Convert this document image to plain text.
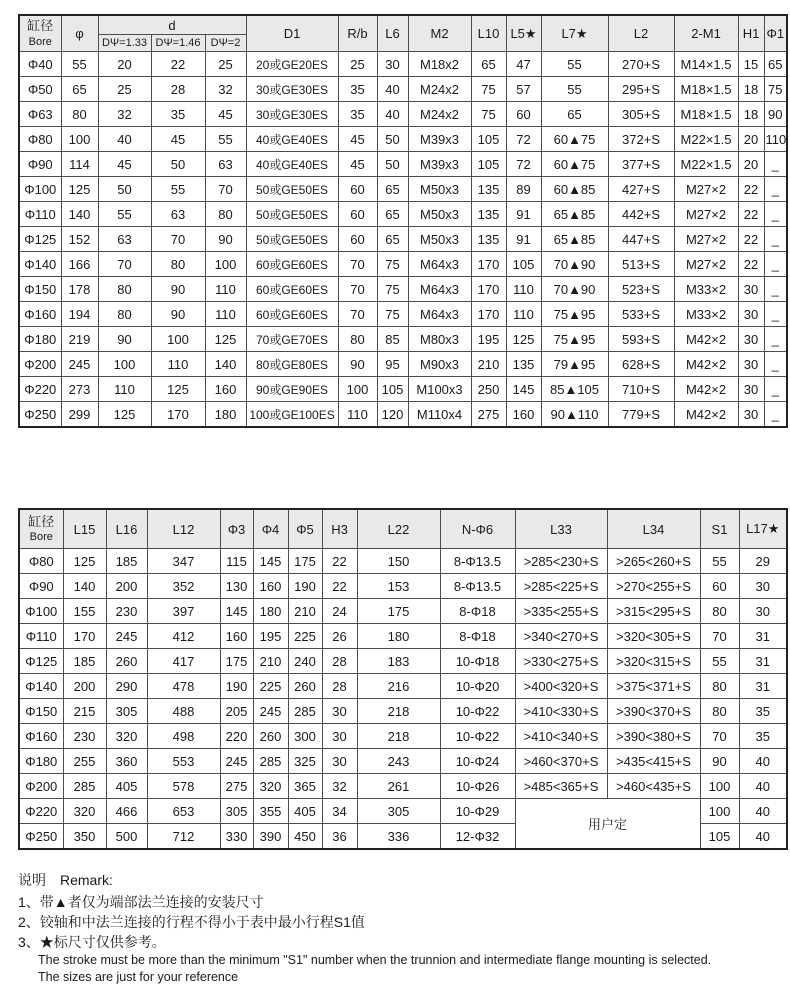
缸径
Bore	φ	d			D1	R/b	L6	M2	L10	L5★	L7★	L2	2-M1	H1	Φ1
		DΨ=1.33	DΨ=1.46	DΨ=2											
Φ40	55	20	22	25	20或GE20ES	25	30	M18x2	65	47	55	270+S	M14×1.5	15	65
Φ50	65	25	28	32	30或GE30ES	35	40	M24x2	75	57	55	295+S	M18×1.5	18	75
Φ63	80	32	35	45	30或GE30ES	35	40	M24x2	75	60	65	305+S	M18×1.5	18	90
Φ80	100	40	45	55	40或GE40ES	45	50	M39x3	105	72	60▲75	372+S	M22×1.5	20	110
Φ90	114	45	50	63	40或GE40ES	45	50	M39x3	105	72	60▲75	377+S	M22×1.5	20	_
Φ100	125	50	55	70	50或GE50ES	60	65	M50x3	135	89	60▲85	427+S	M27×2	22	_
Φ110	140	55	63	80	50或GE50ES	60	65	M50x3	135	91	65▲85	442+S	M27×2	22	_
Φ125	152	63	70	90	50或GE50ES	60	65	M50x3	135	91	65▲85	447+S	M27×2	22	_
Φ140	166	70	80	100	60或GE60ES	70	75	M64x3	170	105	70▲90	513+S	M27×2	22	_
Φ150	178	80	90	110	60或GE60ES	70	75	M64x3	170	110	70▲90	523+S	M33×2	30	_
Φ160	194	80	90	110	60或GE60ES	70	75	M64x3	170	110	75▲95	533+S	M33×2	30	_
Φ180	219	90	100	125	70或GE70ES	80	85	M80x3	195	125	75▲95	593+S	M42×2	30	_
Φ200	245	100	110	140	80或GE80ES	90	95	M90x3	210	135	79▲95	628+S	M42×2	30	_
Φ220	273	110	125	160	90或GE90ES	100	105	M100x3	250	145	85▲105	710+S	M42×2	30	_
Φ250	299	125	170	180	100或GE100ES	110	120	M110x4	275	160	90▲110	779+S	M42×2	30	_
缸径
Bore	L15	L16	L12	Φ3	Φ4	Φ5	H3	L22	N-Φ6	L33	L34	S1	L17★
Φ80	125	185	347	115	145	175	22	150	8-Φ13.5	>285<230+S	>265<260+S	55	29
Φ90	140	200	352	130	160	190	22	153	8-Φ13.5	>285<225+S	>270<255+S	60	30
Φ100	155	230	397	145	180	210	24	175	8-Φ18	>335<255+S	>315<295+S	80	30
Φ110	170	245	412	160	195	225	26	180	8-Φ18	>340<270+S	>320<305+S	70	31
Φ125	185	260	417	175	210	240	28	183	10-Φ18	>330<275+S	>320<315+S	55	31
Φ140	200	290	478	190	225	260	28	216	10-Φ20	>400<320+S	>375<371+S	80	31
Φ150	215	305	488	205	245	285	30	218	10-Φ22	>410<330+S	>390<370+S	80	35
Φ160	230	320	498	220	260	300	30	218	10-Φ22	>410<340+S	>390<380+S	70	35
Φ180	255	360	553	245	285	325	30	243	10-Φ24	>460<370+S	>435<415+S	90	40
Φ200	285	405	578	275	320	365	32	261	10-Φ26	>485<365+S	>460<435+S	100	40
Φ220	320	466	653	305	355	405	34	305	10-Φ29	用户定		100	40
Φ250	350	500	712	330	390	450	36	336	12-Φ32			105	40

说明　Remark:

1、带▲者仅为端部法兰连接的安装尺寸

2、铰轴和中法兰连接的行程不得小于表中最小行程S1值

3、★标尺寸仅供参考。

The stroke must be more than the minimum "S1" number when the trunnion and intermediate flange mounting is selected.

The sizes are just for your reference
